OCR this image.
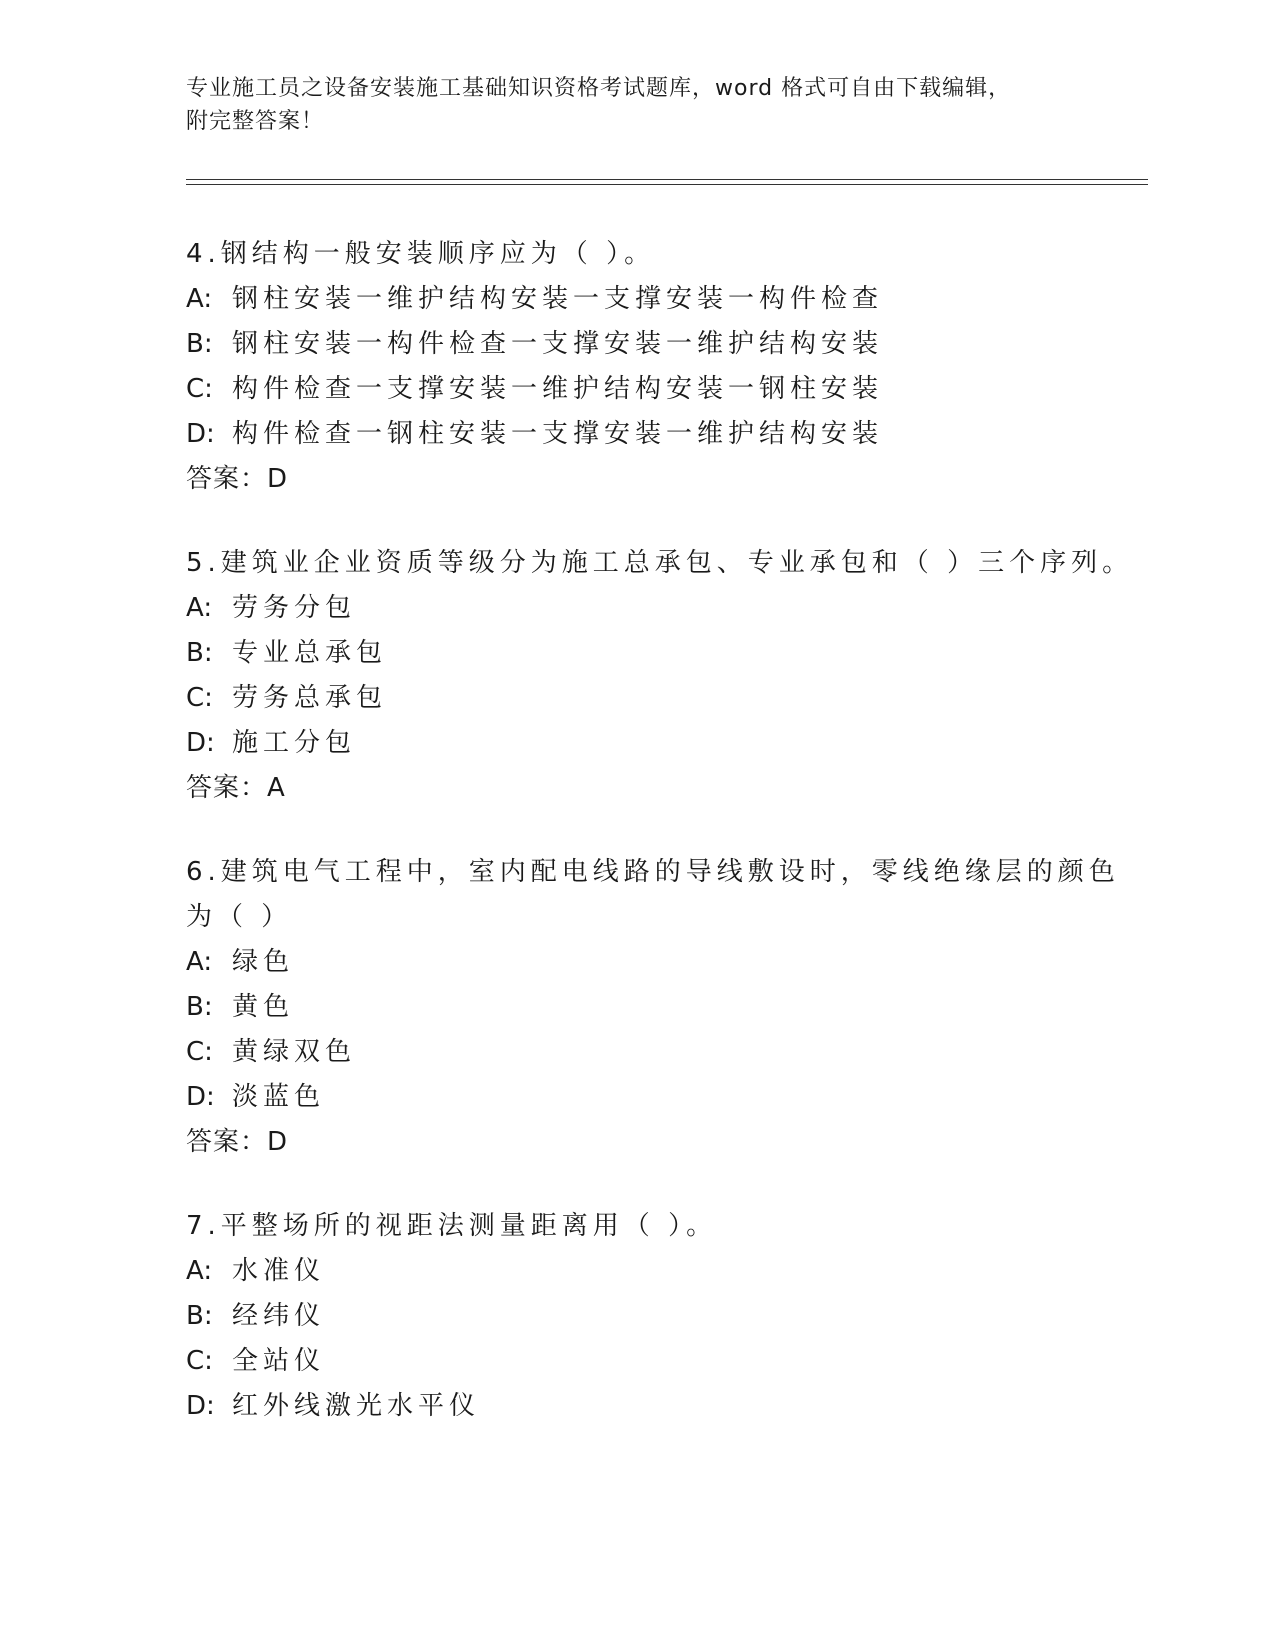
专业施工员之设备安装施工基础知识资格考试题库，word 格式可自由下载编辑，
附完整答案！

4.钢结构一般安装顺序应为（ ）。

A: 钢柱安装一维护结构安装一支撑安装一构件检查

B: 钢柱安装一构件检查一支撑安装一维护结构安装

C: 构件检查一支撑安装一维护结构安装一钢柱安装

D: 构件检查一钢柱安装一支撑安装一维护结构安装

答案：D

5.建筑业企业资质等级分为施工总承包、专业承包和（ ）三个序列。

A: 劳务分包

B: 专业总承包

C: 劳务总承包

D: 施工分包

答案：A

6.建筑电气工程中，室内配电线路的导线敷设时，零线绝缘层的颜色
为（ ）

A: 绿色

B: 黄色

C: 黄绿双色

D: 淡蓝色

答案：D

7.平整场所的视距法测量距离用（ ）。

A: 水准仪

B: 经纬仪

C: 全站仪

D: 红外线激光水平仪
